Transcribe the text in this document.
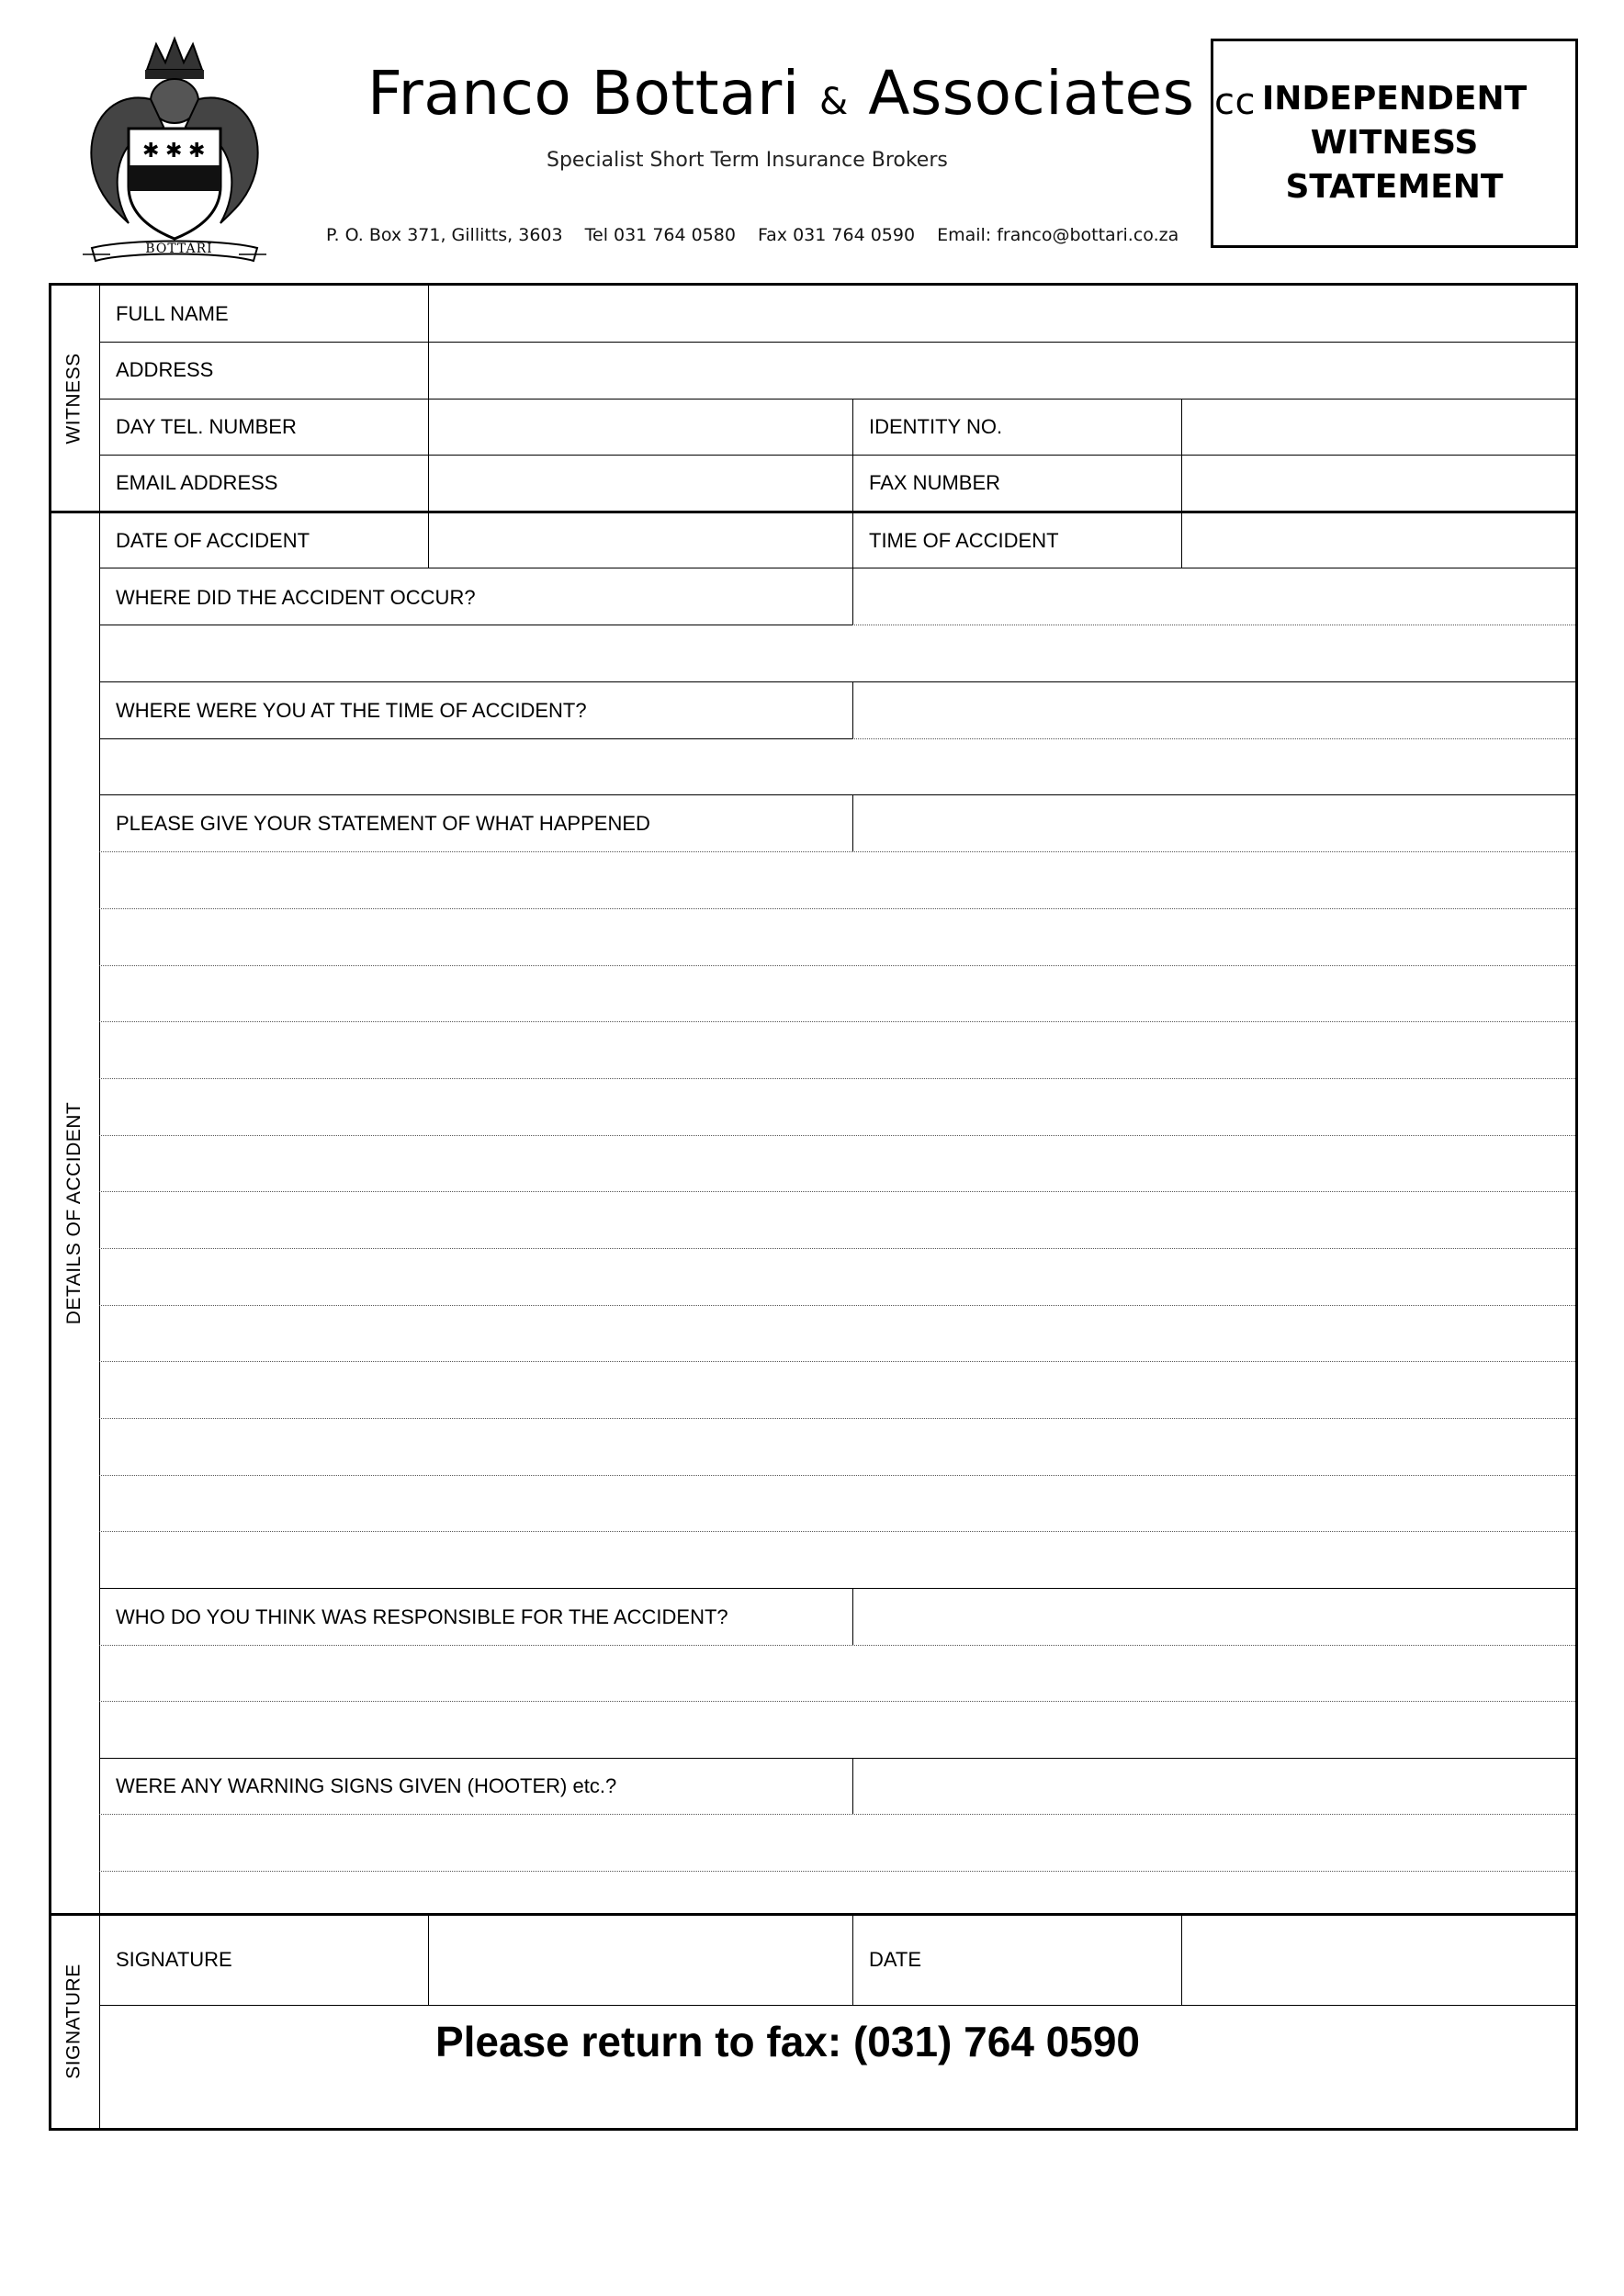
✱ ✱ ✱
BOTTARI
Franco Bottari & Associates cc
Specialist Short Term Insurance Brokers
P. O. Box 371, Gillitts, 3603 Tel 031 764 0580 Fax 031 764 0590 Email: franco@bottari.co.za
INDEPENDENT
WITNESS
STATEMENT
WITNESS
DETAILS OF ACCIDENT
SIGNATURE
FULL NAME
ADDRESS
DAY TEL. NUMBER	IDENTITY NO.
EMAIL ADDRESS	FAX NUMBER
DATE OF ACCIDENT	TIME OF ACCIDENT
WHERE DID THE ACCIDENT OCCUR?
WHERE WERE YOU AT THE TIME OF ACCIDENT?
PLEASE GIVE YOUR STATEMENT OF WHAT HAPPENED
WHO DO YOU THINK WAS RESPONSIBLE FOR THE ACCIDENT?
WERE ANY WARNING SIGNS GIVEN (HOOTER) etc.?
SIGNATURE	DATE
Please return to fax: (031) 764 0590
